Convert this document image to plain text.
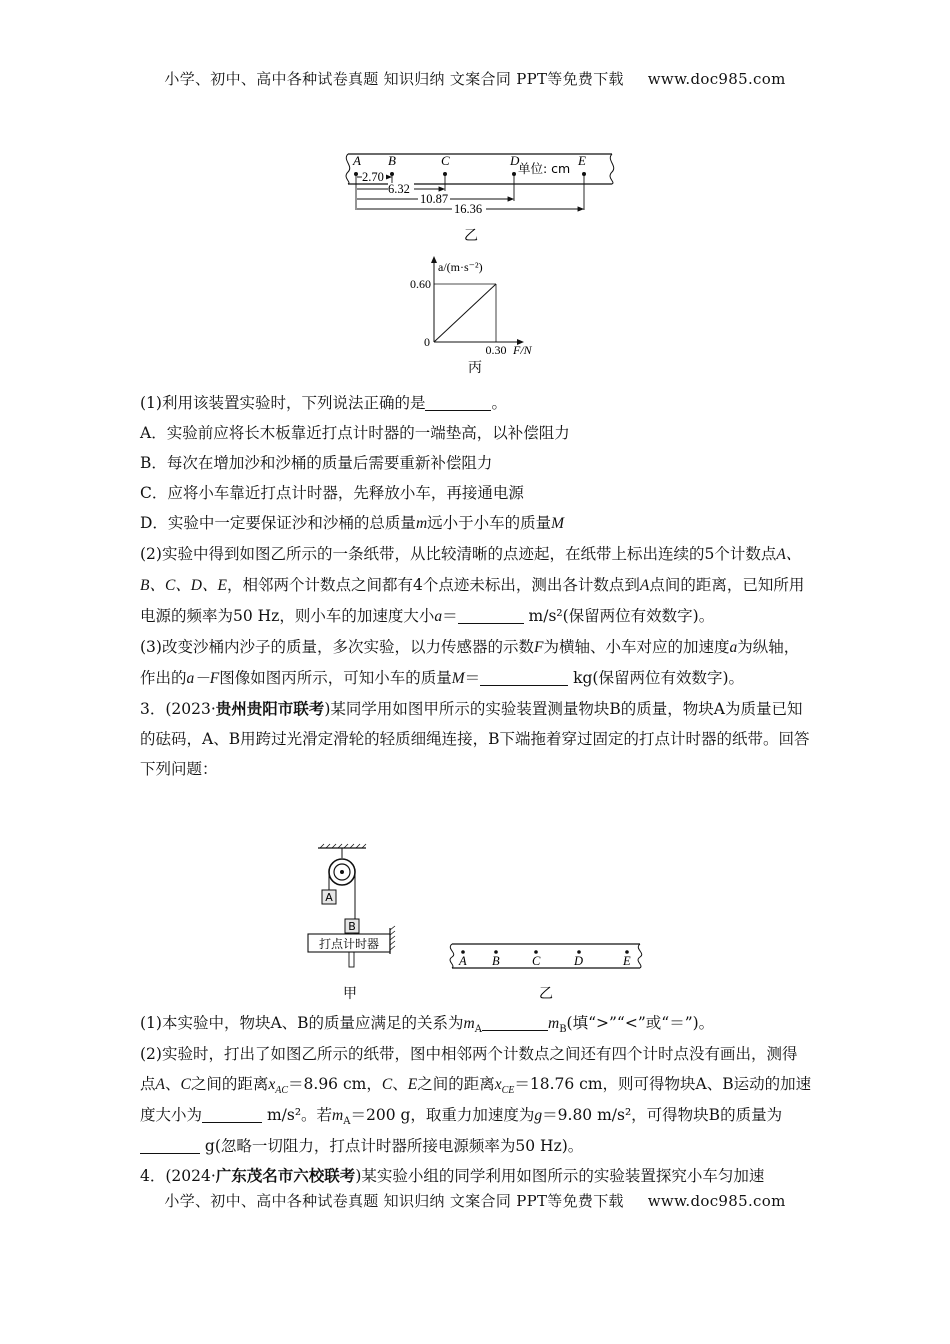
小学、初中、高中各种试卷真题 知识归纳 文案合同 PPT等免费下载 www.doc985.com
A B	C	D	E
单位: cm
2.70
6.32
10.87
16.36
乙
a/(m·s⁻²)
F/N
0
0.60
0.30
丙

(1)利用该装置实验时，下列说法正确的是	。

A．实验前应将长木板靠近打点计时器的一端垫高，以补偿阻力

B．每次在增加沙和沙桶的质量后需要重新补偿阻力

C．应将小车靠近打点计时器，先释放小车，再接通电源

D．实验中一定要保证沙和沙桶的总质量m远小于小车的质量M

(2)实验中得到如图乙所示的一条纸带，从比较清晰的点迹起，在纸带上标出连续的5个计数点A、B、C、D、E，相邻两个计数点之间都有4个点迹未标出，测出各计数点到A点间的距离，已知所用电源的频率为50 Hz，则小车的加速度大小a＝	m/s²(保留两位有效数字)。

(3)改变沙桶内沙子的质量，多次实验，以力传感器的示数F为横轴、小车对应的加速度a为纵轴，作出的a－F图像如图丙所示，可知小车的质量M＝	kg(保留两位有效数字)。

3．(2023·贵州贵阳市联考)某同学用如图甲所示的实验装置测量物块B的质量，物块A为质量已知的砝码，A、B用跨过光滑定滑轮的轻质细绳连接，B下端拖着穿过固定的打点计时器的纸带。回答下列问题：

A
B
打点计时器
甲
A B	C	D	E
乙

(1)本实验中，物块A、B的质量应满足的关系为$m_A$	$m_B$(填“>”“<”或“＝”)。

(2)实验时，打出了如图乙所示的纸带，图中相邻两个计数点之间还有四个计时点没有画出，测得点A、C之间的距离$x_{AC}=8.96$ cm，C、E之间的距离$x_{CE}=18.76$ cm，则可得物块A、B运动的加速度大小为	m/s²。若$m_A=200$ g，取重力加速度为g＝9.80 m/s²，可得物块B的质量为 g(忽略一切阻力，打点计时器所接电源频率为50 Hz)。

4．(2024·广东茂名市六校联考)某实验小组的同学利用如图所示的实验装置探究小车匀加速

小学、初中、高中各种试卷真题 知识归纳 文案合同 PPT等免费下载 www.doc985.com
